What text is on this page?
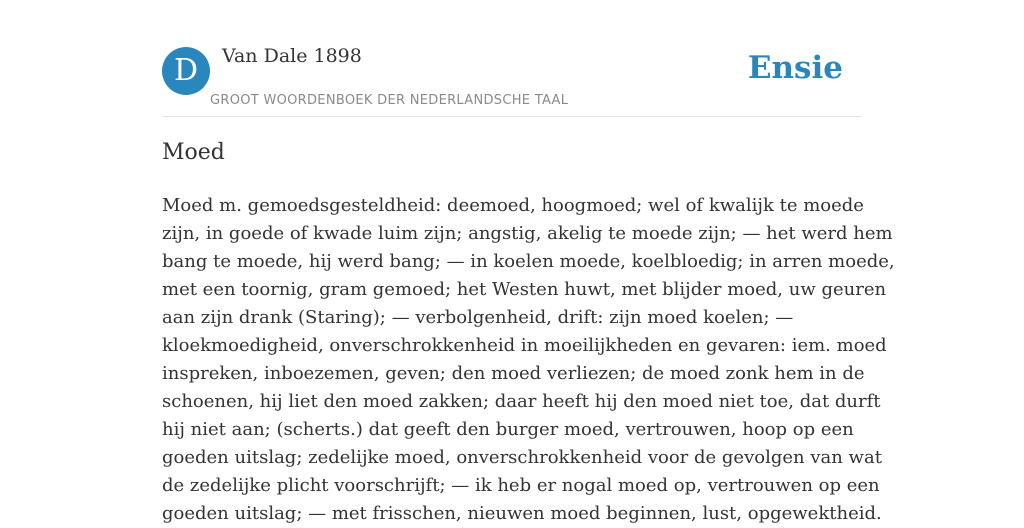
D	Van Dale 1898
GROOT WOORDENBOEK DER NEDERLANDSCHE TAAL
Ensie
Moed
Moed m. gemoedsgesteldheid: deemoed, hoogmoed; wel of kwalijk te moede
zijn, in goede of kwade luim zijn; angstig, akelig te moede zijn; — het werd hem
bang te moede, hij werd bang; — in koelen moede, koelbloedig; in arren moede,
met een toornig, gram gemoed; het Westen huwt, met blijder moed, uw geuren
aan zijn drank (Staring); — verbolgenheid, drift: zijn moed koelen; —
kloekmoedigheid, onverschrokkenheid in moeilijkheden en gevaren: iem. moed
inspreken, inboezemen, geven; den moed verliezen; de moed zonk hem in de
schoenen, hij liet den moed zakken; daar heeft hij den moed niet toe, dat durft
hij niet aan; (scherts.) dat geeft den burger moed, vertrouwen, hoop op een
goeden uitslag; zedelijke moed, onverschrokkenheid voor de gevolgen van wat
de zedelijke plicht voorschrijft; — ik heb er nogal moed op, vertrouwen op een
goeden uitslag; — met frisschen, nieuwen moed beginnen, lust, opgewektheid.
